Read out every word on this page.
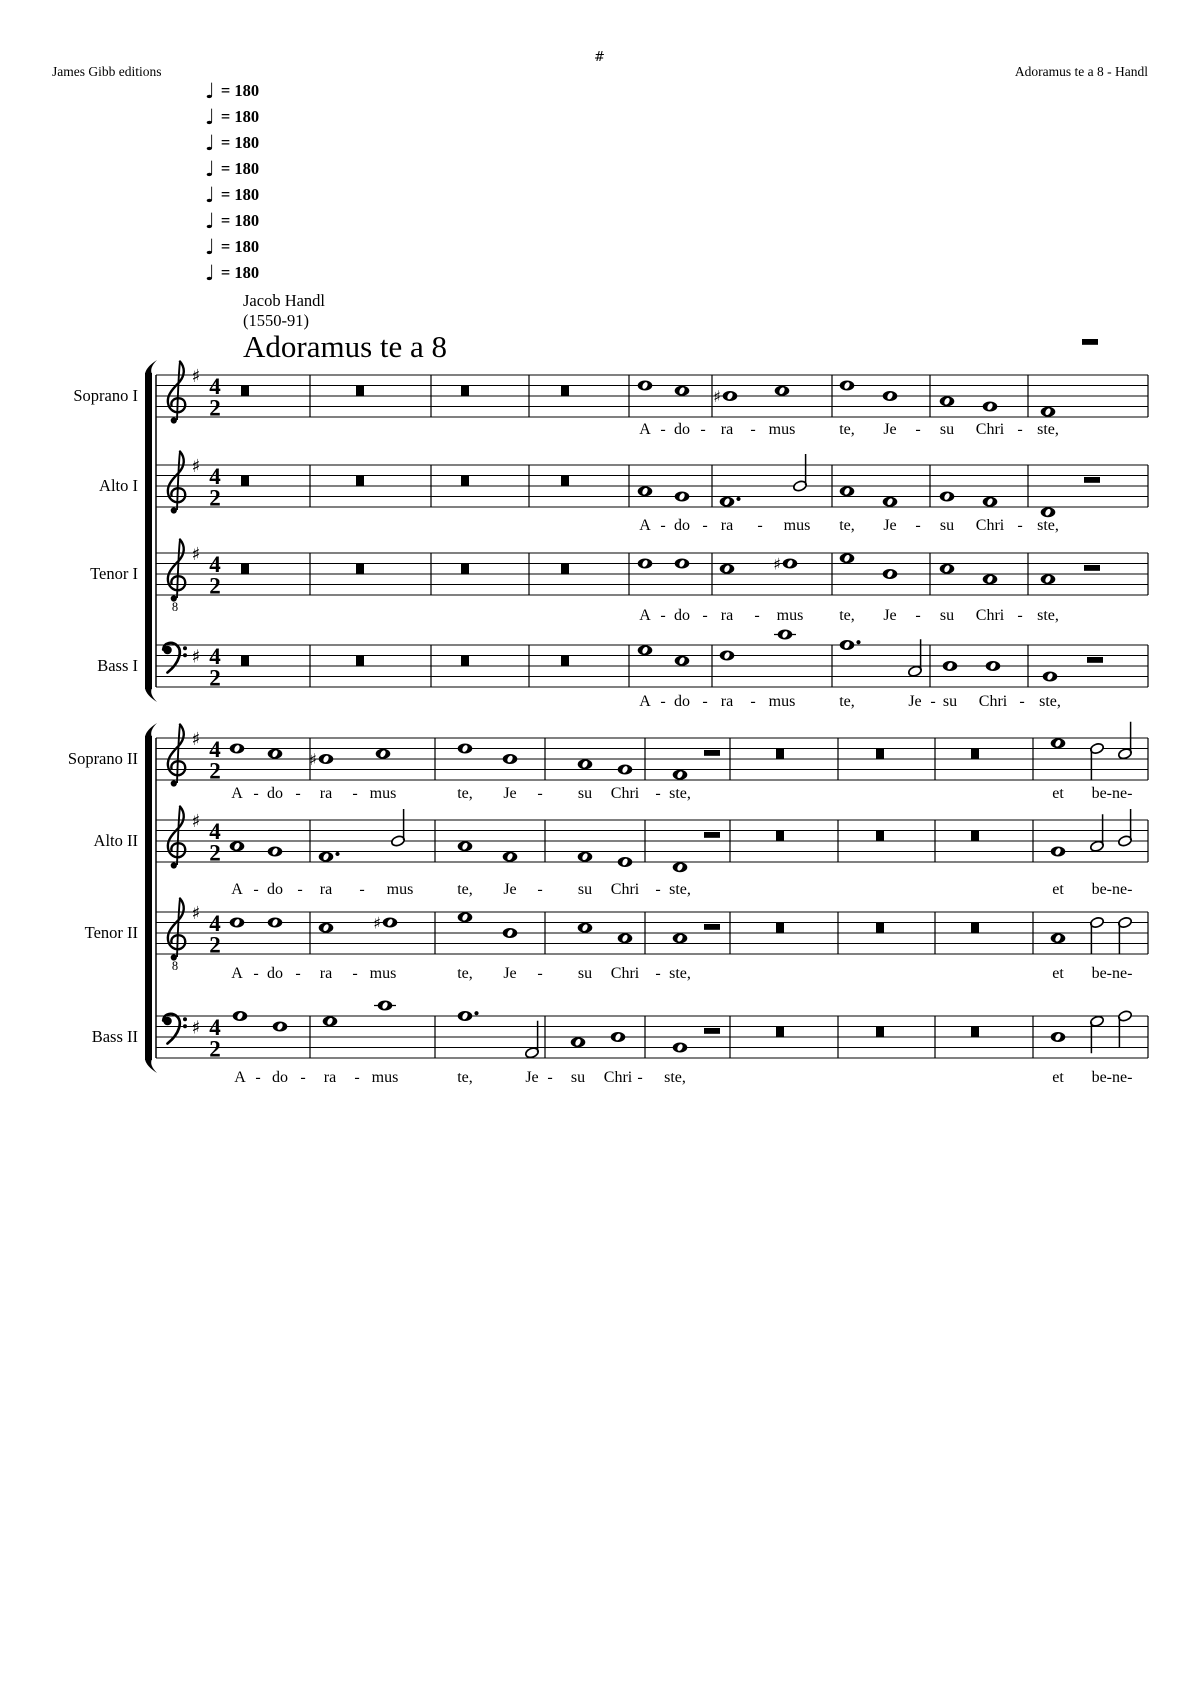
James Gibb editions
#
Adoramus te a 8 - Handl
♩ = 180
♩ = 180
♩ = 180
♩ = 180
♩ = 180
♩ = 180
♩ = 180
♩ = 180
Jacob Handl
(1550-91)
Adoramus te a 8
Soprano I
Alto I
Tenor I
Bass I
Soprano II
Alto II
Tenor II
Bass II
♯ 4
2	♯
A - do - ra - mus	te, Je - su Chri - ste,
♯ 4
2
A - do - ra - mus te, Je - su Chri - ste,
8
♯ 4
2
♯
A - do - ra - mus te, Je - su Chri - ste,
♯ 4
2
A - do - ra - mus	te,	Je - su Chri - ste,
♯ 4
2	♯
A - do - ra - mus	te, Je - su Chri - ste,	et be-ne-
♯ 4
2
A - do - ra - mus	te, Je - su Chri - ste,	et be-ne-
8
♯ 4
2
♯
A - do - ra - mus	te, Je - su Chri - ste,	et be-ne-
♯ 4
2
A - do - ra - mus	te,	Je - su Chri - ste,	et be-ne-
